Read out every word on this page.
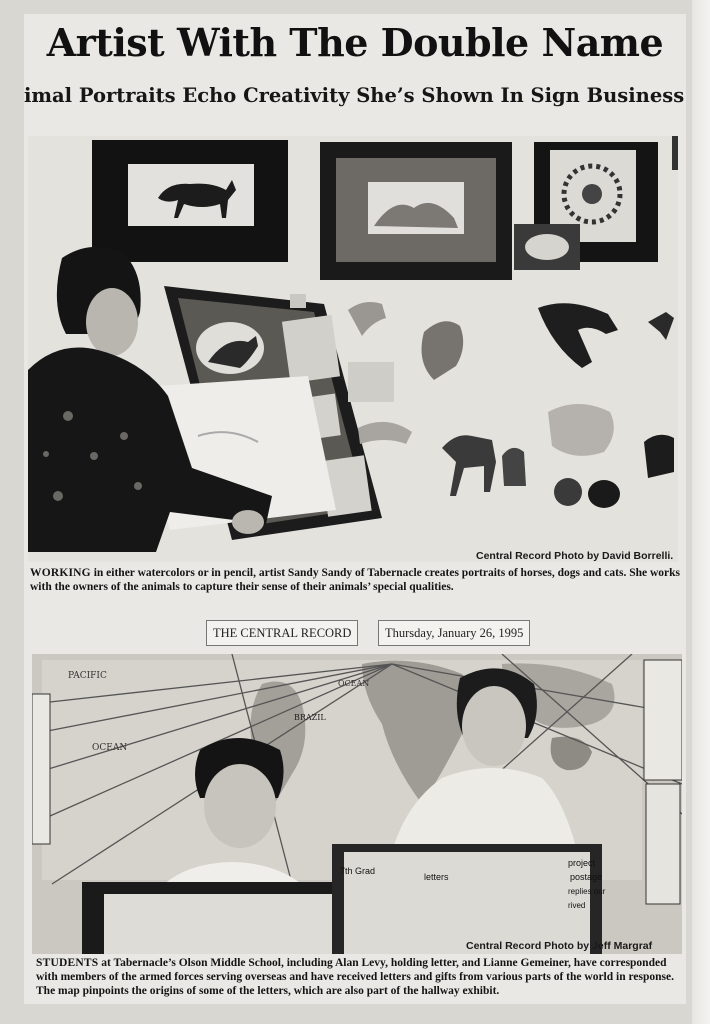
Artist With The Double Name
imal Portraits Echo Creativity She’s Shown In Sign Business
Central Record Photo by David Borrelli.
WORKING in either watercolors or in pencil, artist Sandy Sandy of Tabernacle creates portraits of horses, dogs and cats. She works with the owners of the animals to capture their sense of their animals’ special qualities.
THE CENTRAL RECORD	Thursday, January 26, 1995
PACIFIC
OCEAN
BRAZIL
OCEAN
7th Grad
letters
project
postage
replies our
rived
Central Record Photo by Jeff Margraf
STUDENTS at Tabernacle’s Olson Middle School, including Alan Levy, holding letter, and Lianne Gemeiner, have corresponded with members of the armed forces serving overseas and have received letters and gifts from various parts of the world in response. The map pinpoints the origins of some of the letters, which are also part of the hallway exhibit.
